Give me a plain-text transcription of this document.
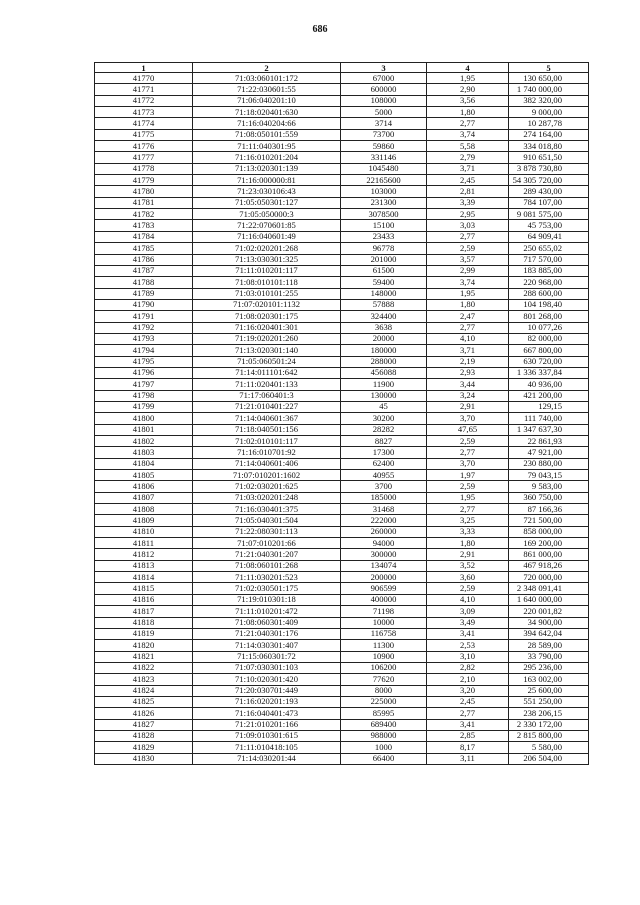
686
1	2	3	4	5
41770	71:03:060101:172	67000	1,95	130 650,00
41771	71:22:030601:55	600000	2,90	1 740 000,00
41772	71:06:040201:10	108000	3,56	382 320,00
41773	71:18:020401:630	5000	1,80	9 000,00
41774	71:16:040204:66	3714	2,77	10 287,78
41775	71:08:050101:559	73700	3,74	274 164,00
41776	71:11:040301:95	59860	5,58	334 018,80
41777	71:16:010201:204	331146	2,79	910 651,50
41778	71:13:020301:139	1045480	3,71	3 878 730,80
41779	71:16:000000:81	22165600	2,45	54 305 720,00
41780	71:23:030106:43	103000	2,81	289 430,00
41781	71:05:050301:127	231300	3,39	784 107,00
41782	71:05:050000:3	3078500	2,95	9 081 575,00
41783	71:22:070601:85	15100	3,03	45 753,00
41784	71:16:040601:49	23433	2,77	64 909,41
41785	71:02:020201:268	96778	2,59	250 655,02
41786	71:13:030301:325	201000	3,57	717 570,00
41787	71:11:010201:117	61500	2,99	183 885,00
41788	71:08:010101:118	59400	3,74	220 968,00
41789	71:03:010101:255	148000	1,95	288 600,00
41790	71:07:020101:1132	57888	1,80	104 198,40
41791	71:08:020301:175	324400	2,47	801 268,00
41792	71:16:020401:301	3638	2,77	10 077,26
41793	71:19:020201:260	20000	4,10	82 000,00
41794	71:13:020301:140	180000	3,71	667 800,00
41795	71:05:060501:24	288000	2,19	630 720,00
41796	71:14:011101:642	456088	2,93	1 336 337,84
41797	71:11:020401:133	11900	3,44	40 936,00
41798	71:17:060401:3	130000	3,24	421 200,00
41799	71:21:010401:227	45	2,91	129,15
41800	71:14:040601:367	30200	3,70	111 740,00
41801	71:18:040501:156	28282	47,65	1 347 637,30
41802	71:02:010101:117	8827	2,59	22 861,93
41803	71:16:010701:92	17300	2,77	47 921,00
41804	71:14:040601:406	62400	3,70	230 880,00
41805	71:07:010201:1602	40955	1,97	79 043,15
41806	71:02:030201:625	3700	2,59	9 583,00
41807	71:03:020201:248	185000	1,95	360 750,00
41808	71:16:030401:375	31468	2,77	87 166,36
41809	71:05:040301:504	222000	3,25	721 500,00
41810	71:22:080301:113	260000	3,33	858 000,00
41811	71:07:010201:66	94000	1,80	169 200,00
41812	71:21:040301:207	300000	2,91	861 000,00
41813	71:08:060101:268	134074	3,52	467 918,26
41814	71:11:030201:523	200000	3,60	720 000,00
41815	71:02:030501:175	906599	2,59	2 348 091,41
41816	71:19:010301:18	400000	4,10	1 640 000,00
41817	71:11:010201:472	71198	3,09	220 001,82
41818	71:08:060301:409	10000	3,49	34 900,00
41819	71:21:040301:176	116758	3,41	394 642,04
41820	71:14:030301:407	11300	2,53	28 589,00
41821	71:15:060301:72	10900	3,10	33 790,00
41822	71:07:030301:103	106200	2,82	295 236,00
41823	71:10:020301:420	77620	2,10	163 002,00
41824	71:20:030701:449	8000	3,20	25 600,00
41825	71:16:020201:193	225000	2,45	551 250,00
41826	71:16:040401:473	85995	2,77	238 206,15
41827	71:21:010201:166	689400	3,41	2 330 172,00
41828	71:09:010301:615	988000	2,85	2 815 800,00
41829	71:11:010418:105	1000	8,17	5 580,00
41830	71:14:030201:44	66400	3,11	206 504,00
